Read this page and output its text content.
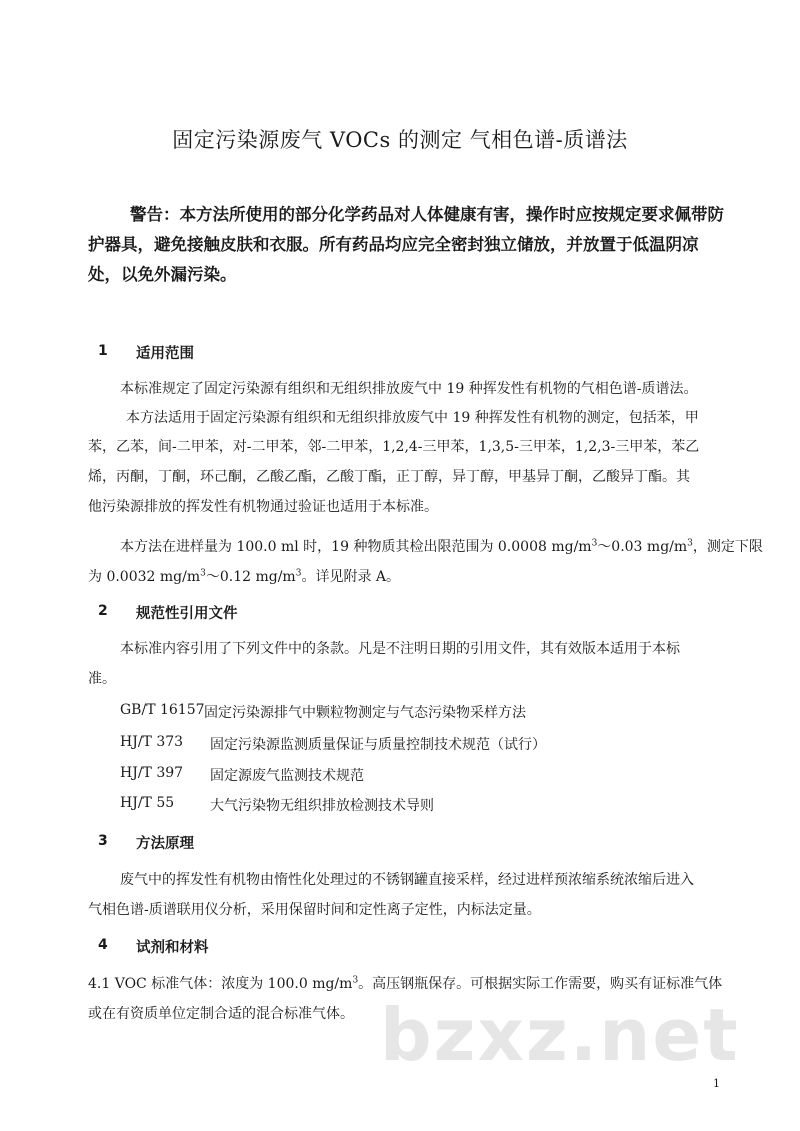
固定污染源废气 VOCs 的测定 气相色谱-质谱法
警告：本方法所使用的部分化学药品对人体健康有害，操作时应按规定要求佩带防
护器具，避免接触皮肤和衣服。所有药品均应完全密封独立储放，并放置于低温阴凉
处，以免外漏污染。
1 适用范围
本标准规定了固定污染源有组织和无组织排放废气中 19 种挥发性有机物的气相色谱-质谱法。
本方法适用于固定污染源有组织和无组织排放废气中 19 种挥发性有机物的测定，包括苯，甲
苯，乙苯，间-二甲苯，对-二甲苯，邻-二甲苯，1,2,4-三甲苯，1,3,5-三甲苯，1,2,3-三甲苯，苯乙
烯，丙酮，丁酮，环己酮，乙酸乙酯，乙酸丁酯，正丁醇，异丁醇，甲基异丁酮，乙酸异丁酯。其
他污染源排放的挥发性有机物通过验证也适用于本标准。
本方法在进样量为 100.0 ml 时，19 种物质其检出限范围为 0.0008 $mg/m^3\sim 0.03$ $mg/m^3$，测定下限
为 0.0032 $mg/m^3\sim 0.12$ $mg/m^3$。详见附录 A。
2 规范性引用文件
本标准内容引用了下列文件中的条款。凡是不注明日期的引用文件，其有效版本适用于本标
准。
GB/T 16157 固定污染源排气中颗粒物测定与气态污染物采样方法
HJ/T 373 固定污染源监测质量保证与质量控制技术规范（试行）
HJ/T 397 固定源废气监测技术规范
HJ/T 55	大气污染物无组织排放检测技术导则
3 方法原理
废气中的挥发性有机物由惰性化处理过的不锈钢罐直接采样，经过进样预浓缩系统浓缩后进入
气相色谱-质谱联用仪分析，采用保留时间和定性离子定性，内标法定量。
4 试剂和材料
4.1 VOC 标准气体：浓度为 100.0 $mg/m^3$。高压钢瓶保存。可根据实际工作需要，购买有证标准气体
或在有资质单位定制合适的混合标准气体。 bzxz.net
1
